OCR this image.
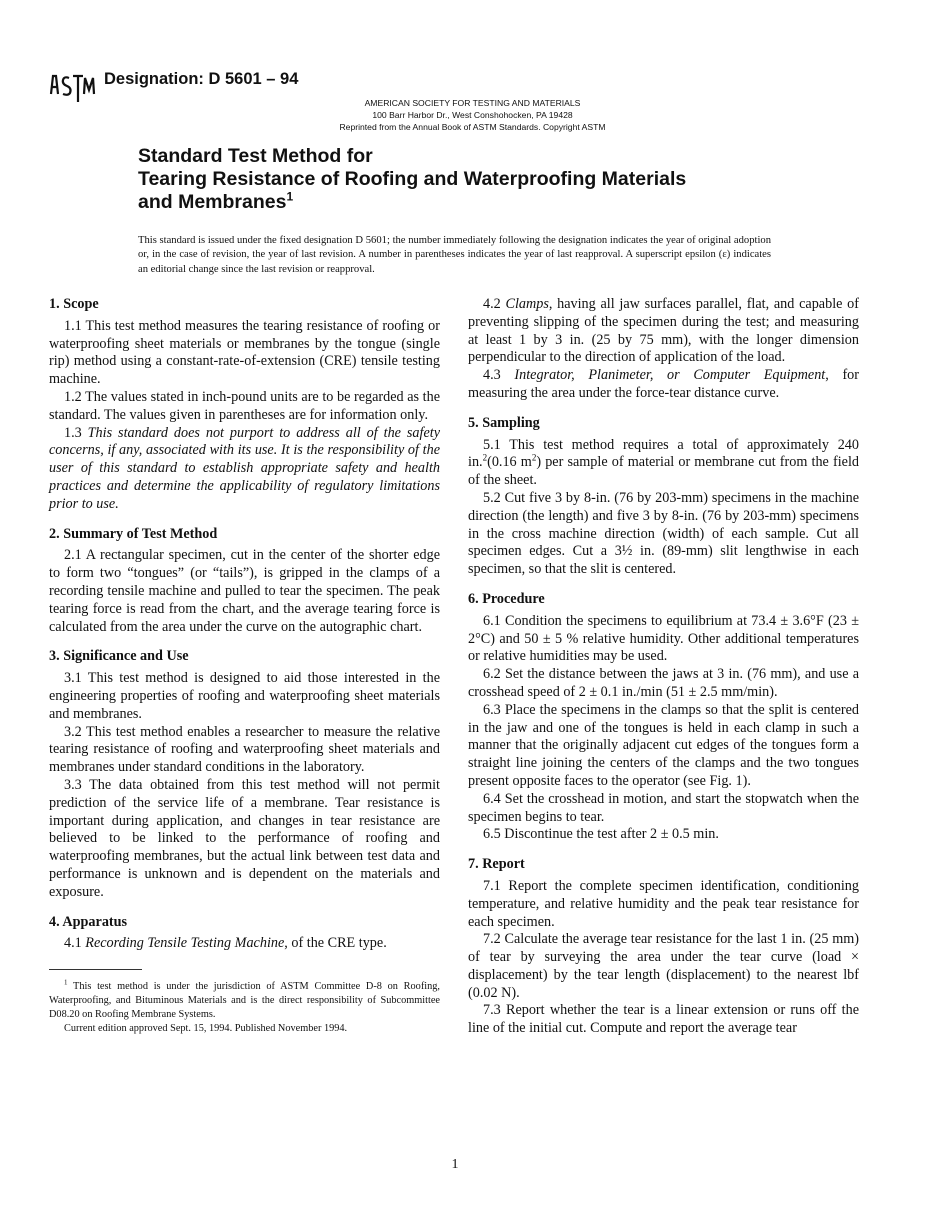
Designation: D 5601 – 94
AMERICAN SOCIETY FOR TESTING AND MATERIALS
100 Barr Harbor Dr., West Conshohocken, PA 19428
Reprinted from the Annual Book of ASTM Standards. Copyright ASTM
Standard Test Method for
Tearing Resistance of Roofing and Waterproofing Materials
and Membranes$^1$
This standard is issued under the fixed designation D 5601; the number immediately following the designation indicates the year of original adoption or, in the case of revision, the year of last revision. A number in parentheses indicates the year of last reapproval. A superscript epsilon (ε) indicates an editorial change since the last revision or reapproval.
1. Scope

1.1 This test method measures the tearing resistance of roofing or waterproofing sheet materials or membranes by the tongue (single rip) method using a constant-rate-of-extension (CRE) tensile testing machine.

1.2 The values stated in inch-pound units are to be regarded as the standard. The values given in parentheses are for information only.

1.3 This standard does not purport to address all of the safety concerns, if any, associated with its use. It is the responsibility of the user of this standard to establish appropriate safety and health practices and determine the applicability of regulatory limitations prior to use.

2. Summary of Test Method

2.1 A rectangular specimen, cut in the center of the shorter edge to form two “tongues” (or “tails”), is gripped in the clamps of a recording tensile machine and pulled to tear the specimen. The peak tearing force is read from the chart, and the average tearing force is calculated from the area under the curve on the autographic chart.

3. Significance and Use

3.1 This test method is designed to aid those interested in the engineering properties of roofing and waterproofing sheet materials and membranes.

3.2 This test method enables a researcher to measure the relative tearing resistance of roofing and waterproofing sheet materials and membranes under standard conditions in the laboratory.

3.3 The data obtained from this test method will not permit prediction of the service life of a membrane. Tear resistance is important during application, and changes in tear resistance are believed to be linked to the performance of roofing and waterproofing membranes, but the actual link between test data and performance is unknown and is dependent on the materials and exposure.

4. Apparatus

4.1 Recording Tensile Testing Machine, of the CRE type.

$^1$ This test method is under the jurisdiction of ASTM Committee D-8 on Roofing, Waterproofing, and Bituminous Materials and is the direct responsibility of Subcommittee D08.20 on Roofing Membrane Systems.

Current edition approved Sept. 15, 1994. Published November 1994.

4.2 Clamps, having all jaw surfaces parallel, flat, and capable of preventing slipping of the specimen during the test; and measuring at least 1 by 3 in. (25 by 75 mm), with the longer dimension perpendicular to the direction of application of the load.

4.3 Integrator, Planimeter, or Computer Equipment, for measuring the area under the force-tear distance curve.

5. Sampling

5.1 This test method requires a total of approximately 240 in.$^2$(0.16 $m^2$) per sample of material or membrane cut from the field of the sheet.

5.2 Cut five 3 by 8-in. (76 by 203-mm) specimens in the machine direction (the length) and five 3 by 8-in. (76 by 203-mm) specimens in the cross machine direction (width) of each sample. Cut all specimen edges. Cut a 3½ in. (89-mm) slit lengthwise in each specimen, so that the slit is centered.

6. Procedure

6.1 Condition the specimens to equilibrium at 73.4 ± 3.6°F (23 ± 2°C) and 50 ± 5 % relative humidity. Other additional temperatures or relative humidities may be used.

6.2 Set the distance between the jaws at 3 in. (76 mm), and use a crosshead speed of 2 ± 0.1 in./min (51 ± 2.5 mm/min).

6.3 Place the specimens in the clamps so that the split is centered in the jaw and one of the tongues is held in each clamp in such a manner that the originally adjacent cut edges of the tongues form a straight line joining the centers of the clamps and the two tongues present opposite faces to the operator (see Fig. 1).

6.4 Set the crosshead in motion, and start the stopwatch when the specimen begins to tear.

6.5 Discontinue the test after 2 ± 0.5 min.

7. Report

7.1 Report the complete specimen identification, conditioning temperature, and relative humidity and the peak tear resistance for each specimen.

7.2 Calculate the average tear resistance for the last 1 in. (25 mm) of tear by surveying the area under the tear curve (load × displacement) by the tear length (displacement) to the nearest lbf (0.02 N).

7.3 Report whether the tear is a linear extension or runs off the line of the initial cut. Compute and report the average tear

1
